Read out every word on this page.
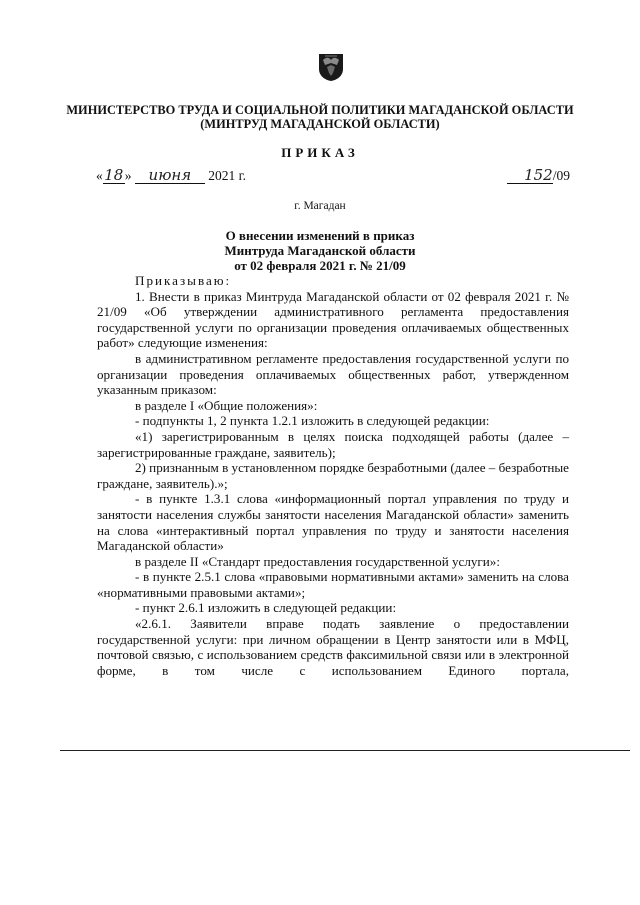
МИНИСТЕРСТВО ТРУДА И СОЦИАЛЬНОЙ ПОЛИТИКИ МАГАДАНСКОЙ ОБЛАСТИ
(МИНТРУД МАГАДАНСКОЙ ОБЛАСТИ)
ПРИКАЗ
«18» июня 2021 г.	152/09
г. Магадан
О внесении изменений в приказ
Минтруда Магаданской области
от 02 февраля 2021 г. № 21/09

Приказываю:

1. Внести в приказ Минтруда Магаданской области от 02 февраля 2021 г. № 21/09 «Об утверждении административного регламента предоставления государственной услуги по организации проведения оплачиваемых общественных работ» следующие изменения:

в административном регламенте предоставления государственной услуги по организации проведения оплачиваемых общественных работ, утвержденном указанным приказом:

в разделе I «Общие положения»:

- подпункты 1, 2 пункта 1.2.1 изложить в следующей редакции:

«1) зарегистрированным в целях поиска подходящей работы (далее – зарегистрированные граждане, заявитель);

2) признанным в установленном порядке безработными (далее – безработные граждане, заявитель).»;

- в пункте 1.3.1 слова «информационный портал управления по труду и занятости населения службы занятости населения Магаданской области» заменить на слова «интерактивный портал управления по труду и занятости населения Магаданской области»

в разделе II «Стандарт предоставления государственной услуги»:

- в пункте 2.5.1 слова «правовыми нормативными актами» заменить на слова «нормативными правовыми актами»;

- пункт 2.6.1 изложить в следующей редакции:

«2.6.1. Заявители вправе подать заявление о предоставлении государственной услуги: при личном обращении в Центр занятости или в МФЦ, почтовой связью, с использованием средств факсимильной связи или в электронной форме, в том числе с использованием Единого портала,
